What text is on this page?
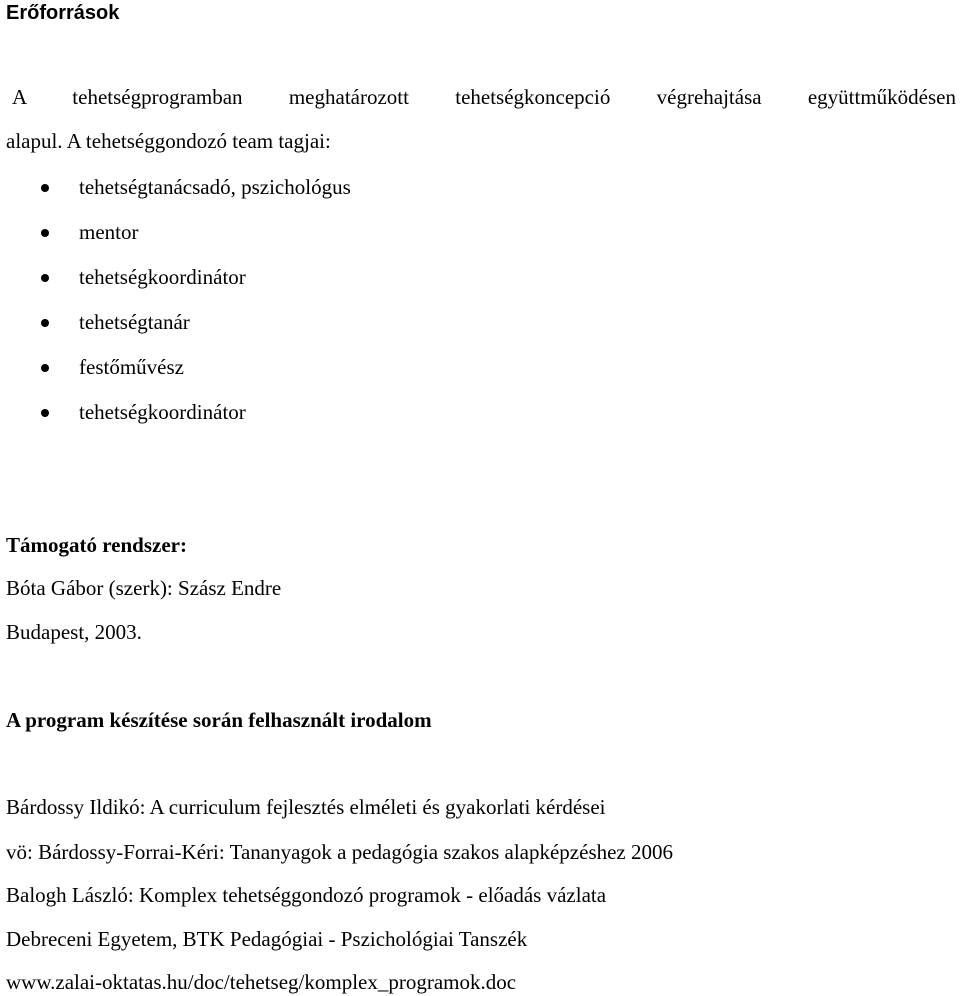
Erőforrások
A tehetségprogramban meghatározott tehetségkoncepció végrehajtása együttműködésen
alapul. A tehetséggondozó team tagjai:
tehetségtanácsadó, pszichológus
mentor
tehetségkoordinátor
tehetségtanár
festőművész
tehetségkoordinátor
Támogató rendszer:
Bóta Gábor (szerk): Szász Endre
Budapest, 2003.
A program készítése során felhasznált irodalom
Bárdossy Ildikó: A curriculum fejlesztés elméleti és gyakorlati kérdései
vö: Bárdossy-Forrai-Kéri: Tananyagok a pedagógia szakos alapképzéshez 2006
Balogh László: Komplex tehetséggondozó programok - előadás vázlata
Debreceni Egyetem, BTK Pedagógiai - Pszichológiai Tanszék
www.zalai-oktatas.hu/doc/tehetseg/komplex_programok.doc
